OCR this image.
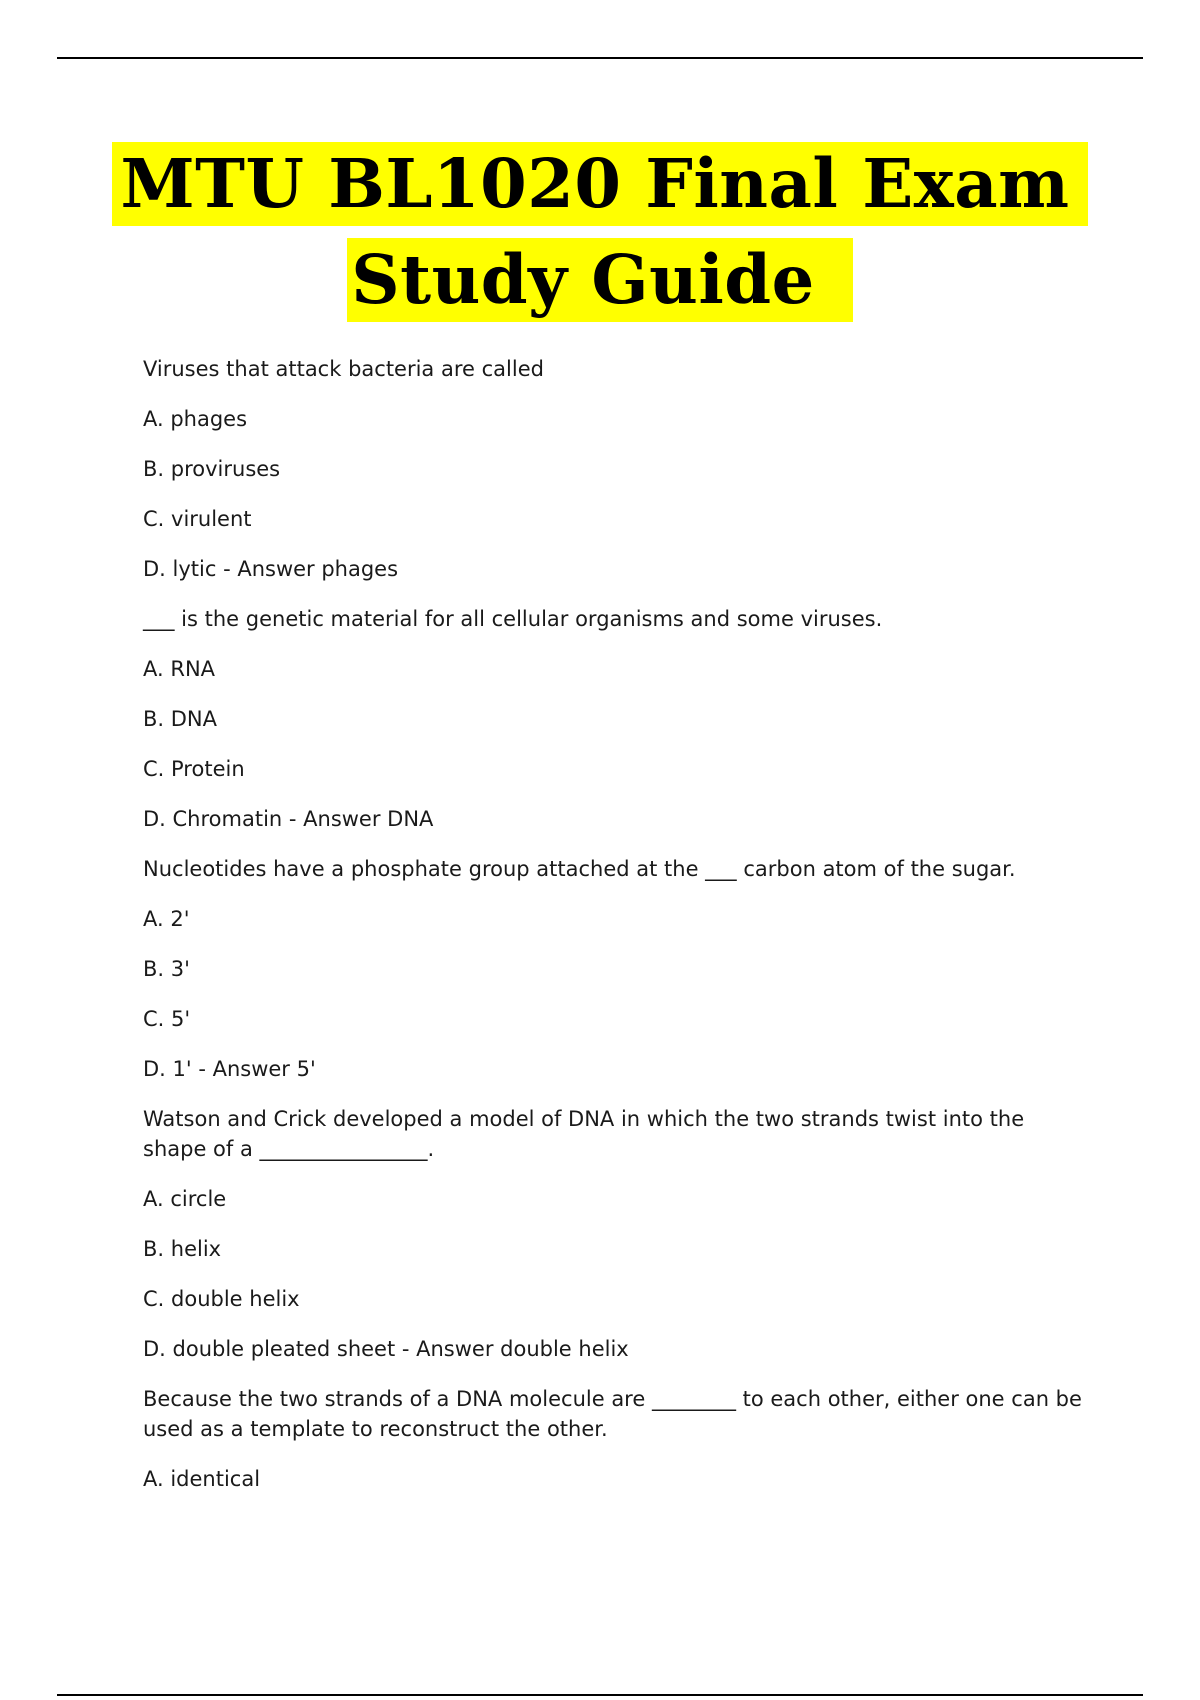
MTU BL1020 Final Exam
Study Guide

Viruses that attack bacteria are called

A. phages

B. proviruses

C. virulent

D. lytic - Answer phages

___ is the genetic material for all cellular organisms and some viruses.

A. RNA

B. DNA

C. Protein

D. Chromatin - Answer DNA

Nucleotides have a phosphate group attached at the ___ carbon atom of the sugar.

A. 2'

B. 3'

C. 5'

D. 1' - Answer 5'

Watson and Crick developed a model of DNA in which the two strands twist into the shape of a ________________.

A. circle

B. helix

C. double helix

D. double pleated sheet - Answer double helix

Because the two strands of a DNA molecule are ________ to each other, either one can be used as a template to reconstruct the other.

A. identical
